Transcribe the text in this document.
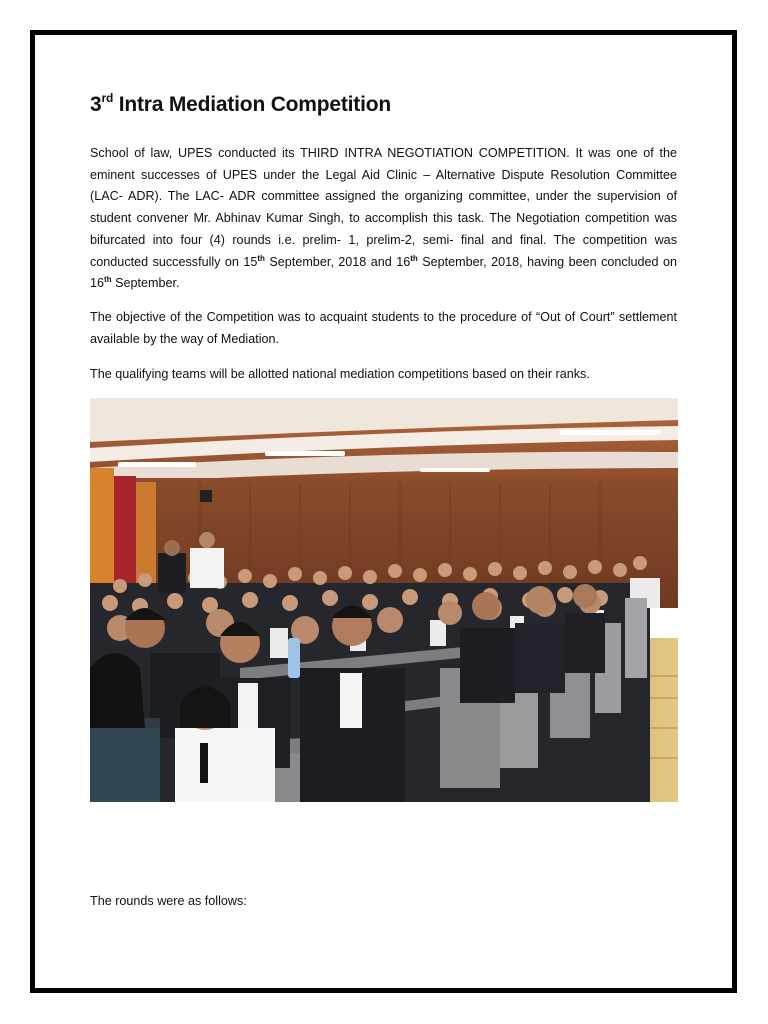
3rd Intra Mediation Competition

School of law, UPES conducted its THIRD INTRA NEGOTIATION COMPETITION. It was one of the eminent successes of UPES under the Legal Aid Clinic – Alternative Dispute Resolution Committee (LAC- ADR). The LAC- ADR committee assigned the organizing committee, under the supervision of student convener Mr. Abhinav Kumar Singh, to accomplish this task. The Negotiation competition was bifurcated into four (4) rounds i.e. prelim- 1, prelim-2, semi- final and final. The competition was conducted successfully on 15th September, 2018 and 16th September, 2018, having been concluded on 16th September.

The objective of the Competition was to acquaint students to the procedure of “Out of Court” settlement available by the way of Mediation.

The qualifying teams will be allotted national mediation competitions based on their ranks.

The rounds were as follows:
